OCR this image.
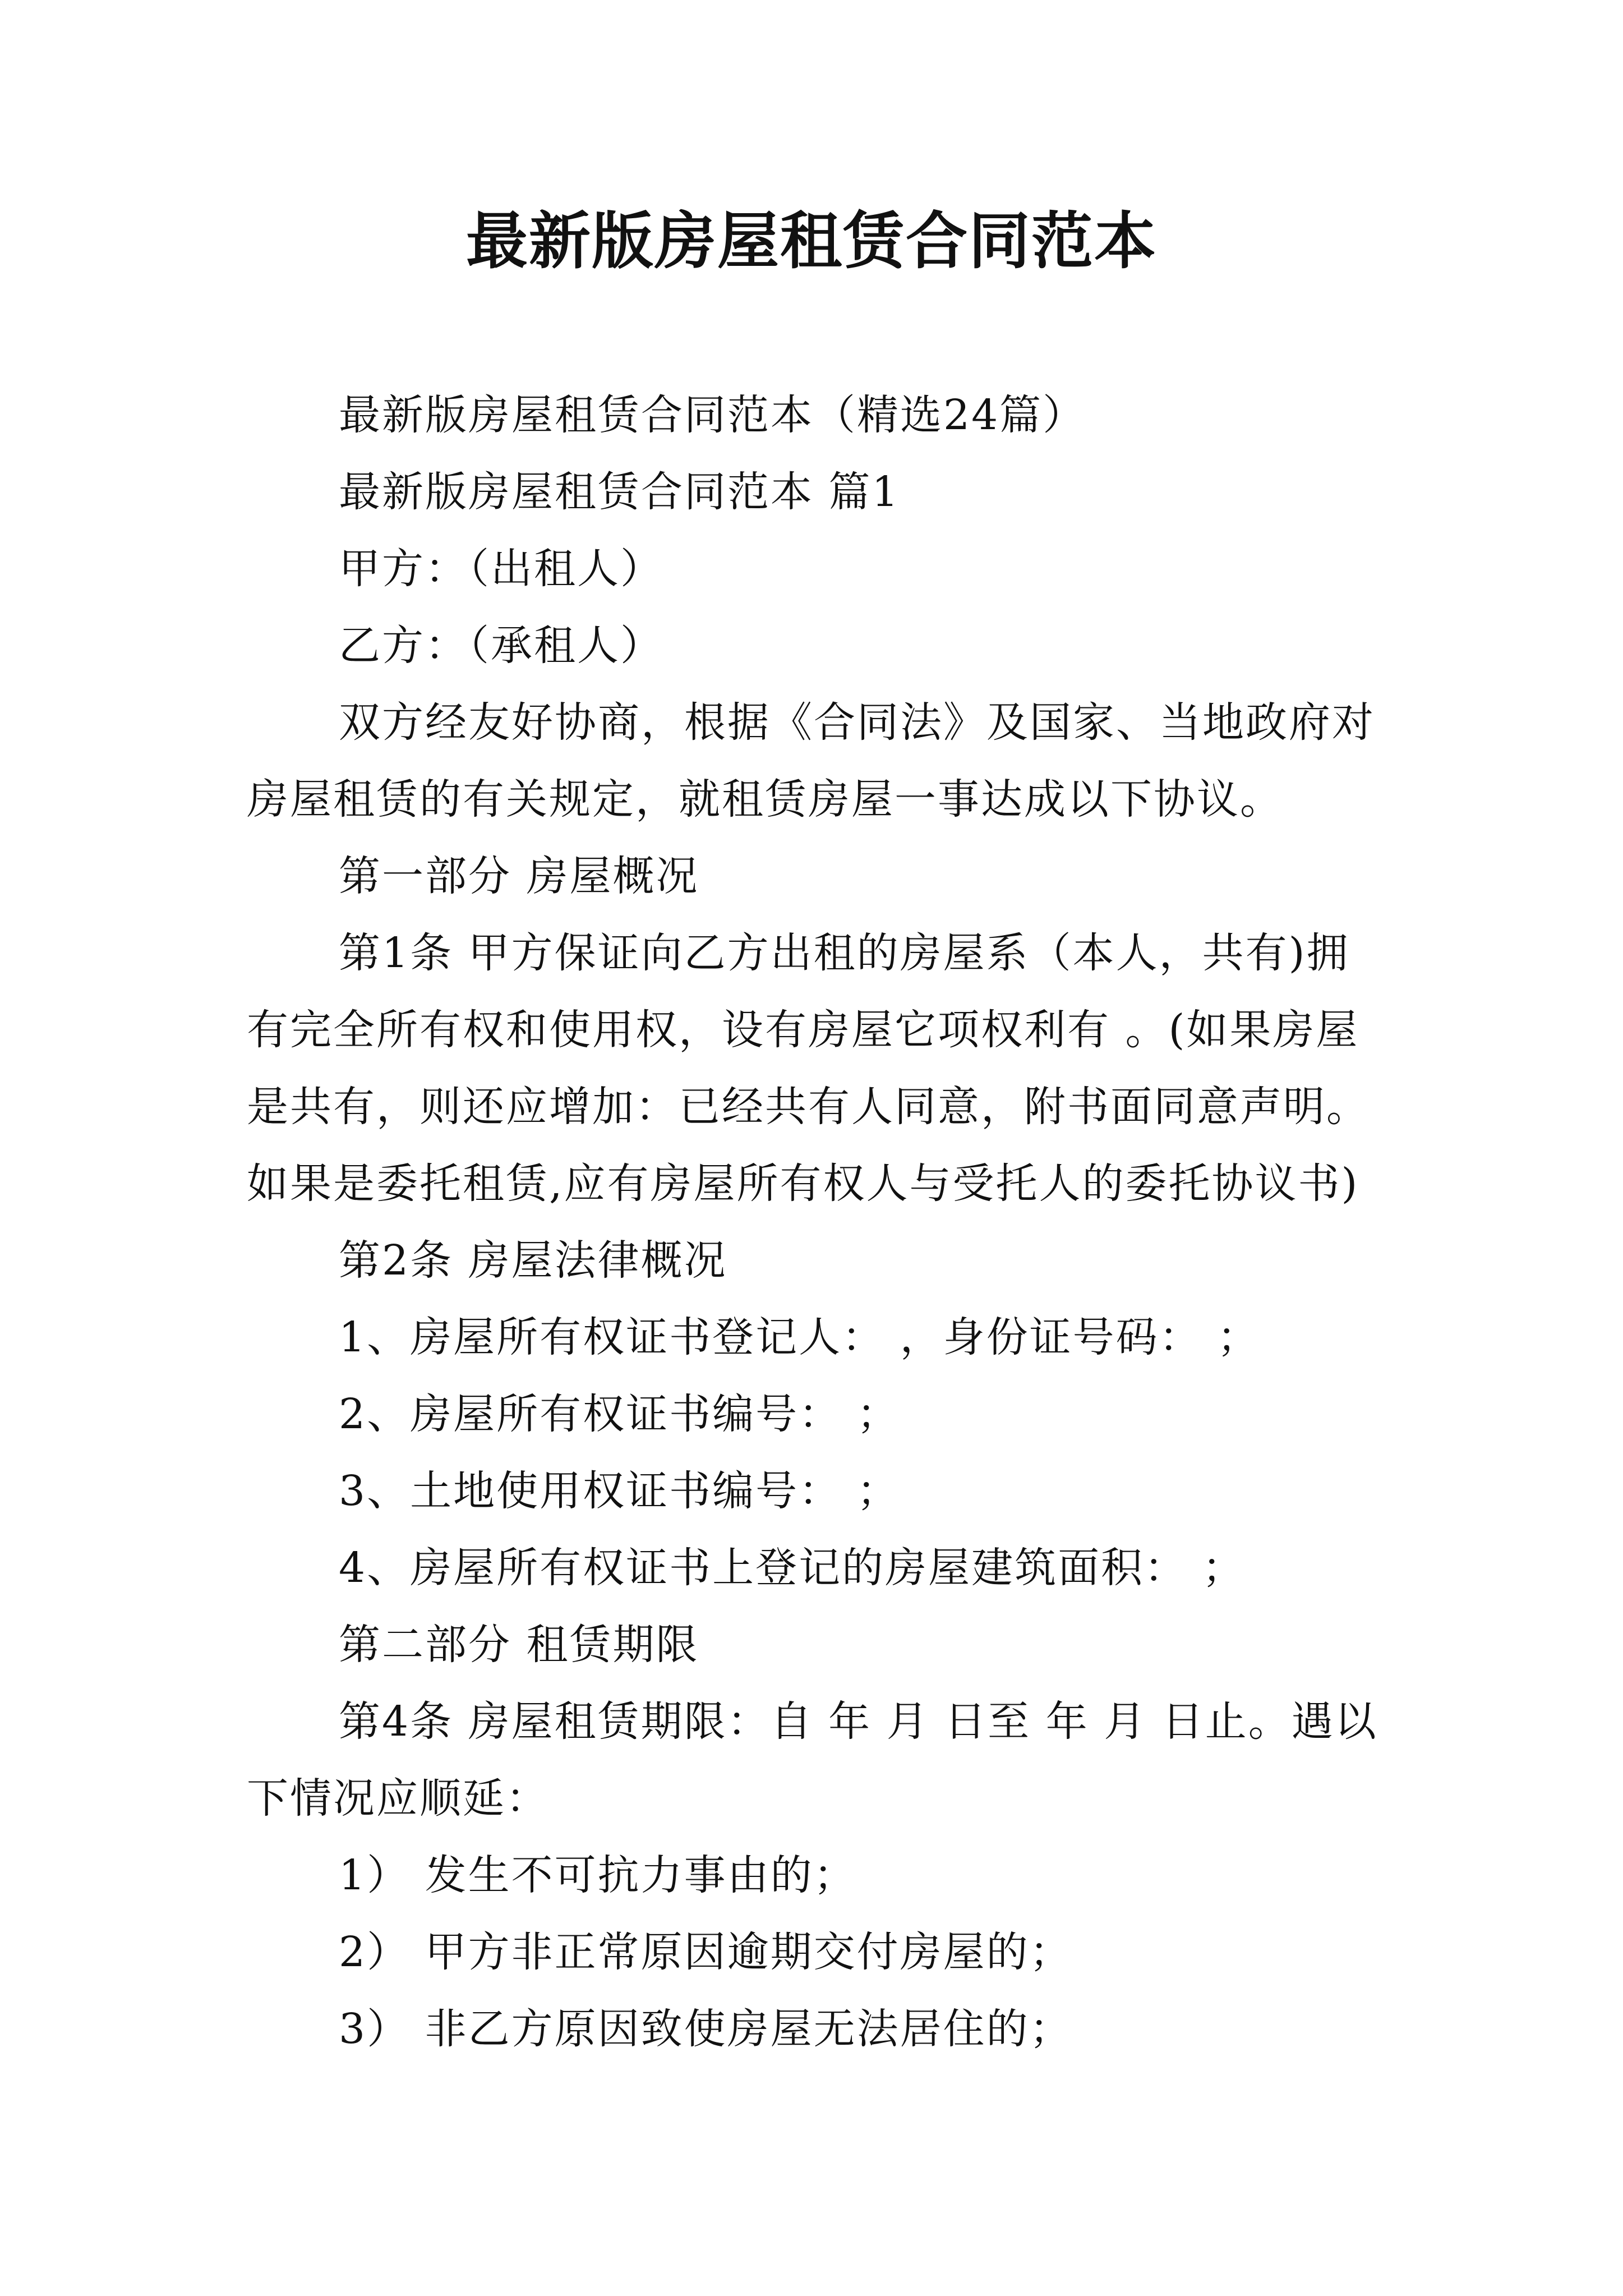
最新版房屋租赁合同范本

最新版房屋租赁合同范本（精选24篇）

最新版房屋租赁合同范本 篇1

甲方：（出租人）

乙方：（承租人）

双方经友好协商，根据《合同法》及国家、当地政府对房屋租赁的有关规定，就租赁房屋一事达成以下协议。

第一部分 房屋概况

第1条 甲方保证向乙方出租的房屋系（本人，共有)拥有完全所有权和使用权，设有房屋它项权利有 。(如果房屋是共有，则还应增加：已经共有人同意，附书面同意声明。如果是委托租赁,应有房屋所有权人与受托人的委托协议书)

第2条 房屋法律概况

1、房屋所有权证书登记人： ，身份证号码： ；

2、房屋所有权证书编号： ；

3、土地使用权证书编号： ；

4、房屋所有权证书上登记的房屋建筑面积： ；

第二部分 租赁期限

第4条 房屋租赁期限：自 年 月 日至 年 月 日止。遇以下情况应顺延：

1） 发生不可抗力事由的；

2） 甲方非正常原因逾期交付房屋的；

3） 非乙方原因致使房屋无法居住的；
